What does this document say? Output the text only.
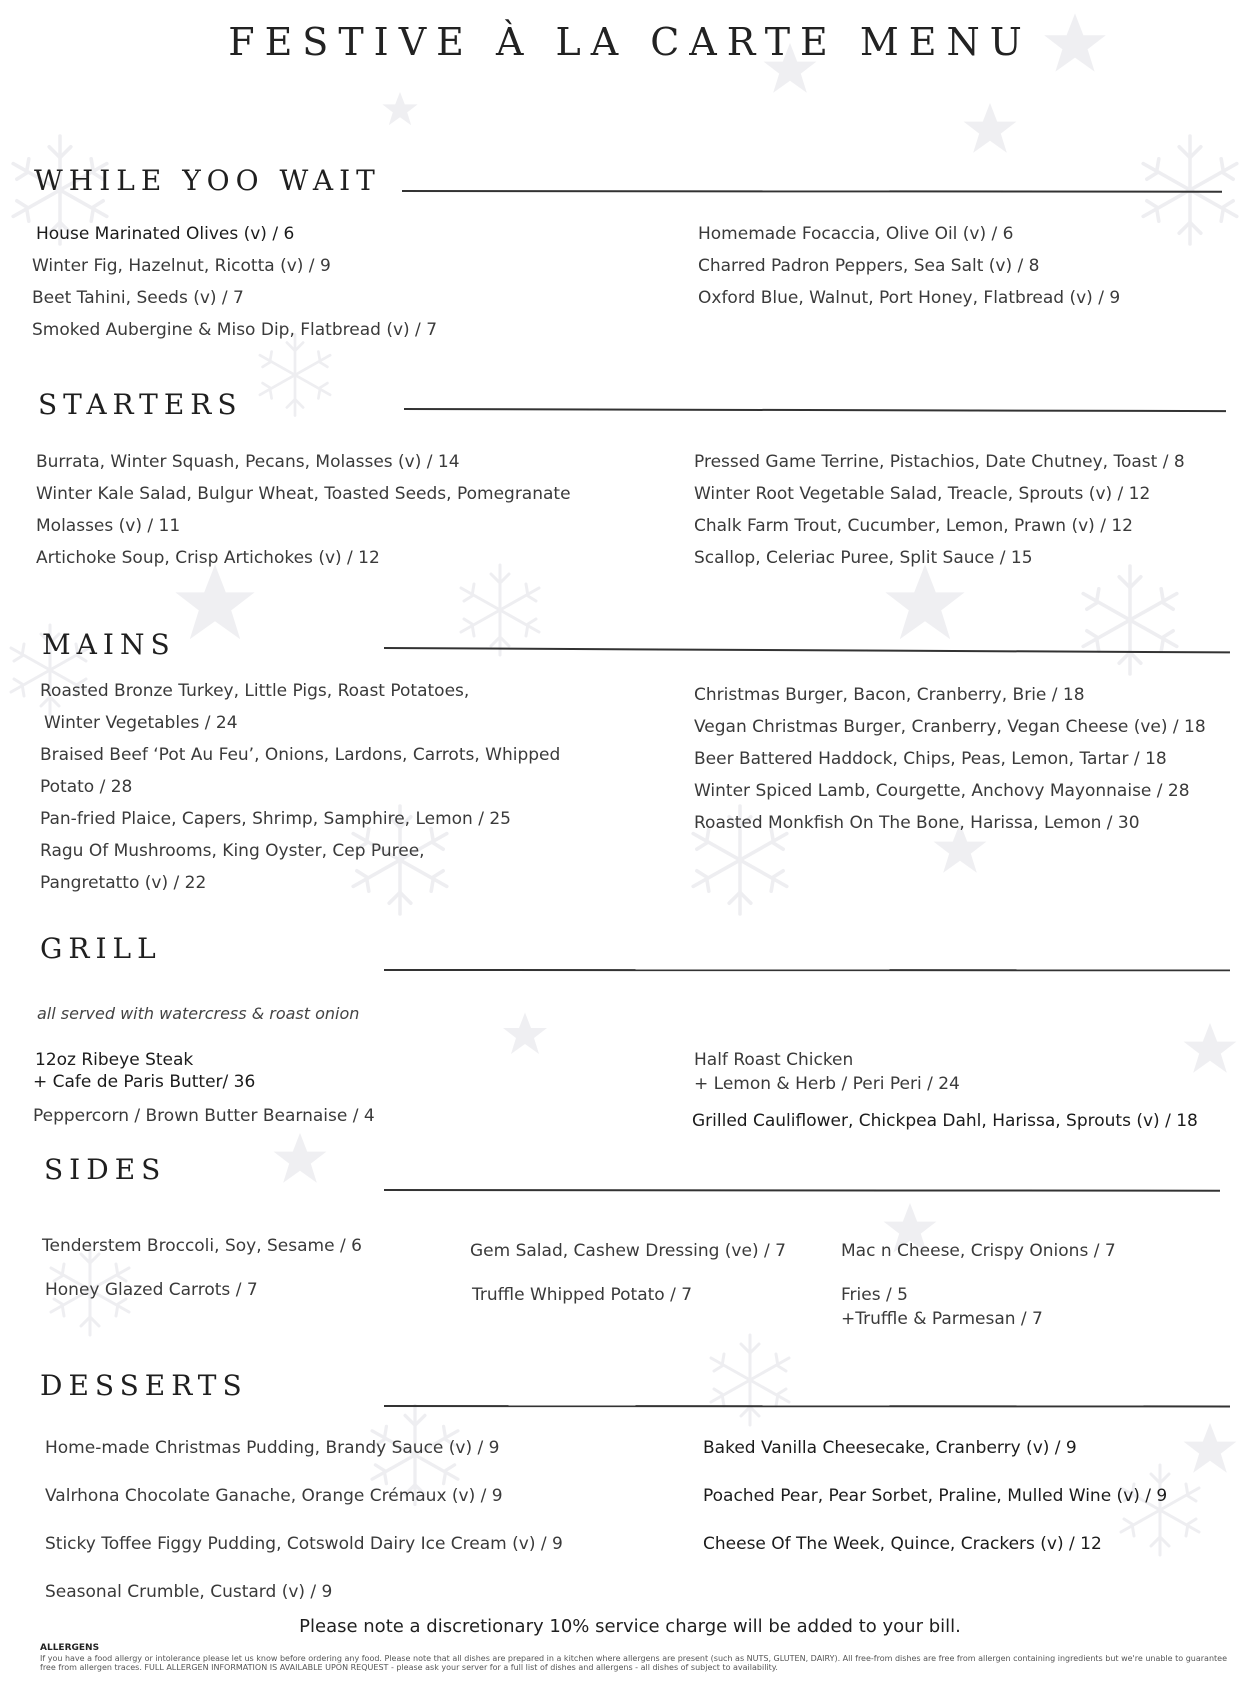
FESTIVE À LA CARTE MENU
WHILE YOO WAIT
House Marinated Olives (v) / 6
Winter Fig, Hazelnut, Ricotta (v) / 9
Beet Tahini, Seeds (v) / 7
Smoked Aubergine & Miso Dip, Flatbread (v) / 7
Homemade Focaccia, Olive Oil (v) / 6
Charred Padron Peppers, Sea Salt (v) / 8
Oxford Blue, Walnut, Port Honey, Flatbread (v) / 9
STARTERS
Burrata, Winter Squash, Pecans, Molasses (v) / 14
Winter Kale Salad, Bulgur Wheat, Toasted Seeds, Pomegranate
Molasses (v) / 11
Artichoke Soup, Crisp Artichokes (v) / 12
Pressed Game Terrine, Pistachios, Date Chutney, Toast / 8
Winter Root Vegetable Salad, Treacle, Sprouts (v) / 12
Chalk Farm Trout, Cucumber, Lemon, Prawn (v) / 12
Scallop, Celeriac Puree, Split Sauce / 15
MAINS
Roasted Bronze Turkey, Little Pigs, Roast Potatoes,
Winter Vegetables / 24
Braised Beef ‘Pot Au Feu’, Onions, Lardons, Carrots, Whipped
Potato / 28
Pan-fried Plaice, Capers, Shrimp, Samphire, Lemon / 25
Ragu Of Mushrooms, King Oyster, Cep Puree,
Pangretatto (v) / 22
Christmas Burger, Bacon, Cranberry, Brie / 18
Vegan Christmas Burger, Cranberry, Vegan Cheese (ve) / 18
Beer Battered Haddock, Chips, Peas, Lemon, Tartar / 18
Winter Spiced Lamb, Courgette, Anchovy Mayonnaise / 28
Roasted Monkfish On The Bone, Harissa, Lemon / 30
GRILL
all served with watercress & roast onion
12oz Ribeye Steak
+ Cafe de Paris Butter/ 36
Peppercorn / Brown Butter Bearnaise / 4
Half Roast Chicken
+ Lemon & Herb / Peri Peri / 24
Grilled Cauliflower, Chickpea Dahl, Harissa, Sprouts (v) / 18
SIDES
Tenderstem Broccoli, Soy, Sesame / 6
Honey Glazed Carrots / 7
Gem Salad, Cashew Dressing (ve) / 7
Truffle Whipped Potato / 7
Mac n Cheese, Crispy Onions / 7
Fries / 5
+Truffle & Parmesan / 7
DESSERTS
Home-made Christmas Pudding, Brandy Sauce (v) / 9
Valrhona Chocolate Ganache, Orange Crémaux (v) / 9
Sticky Toffee Figgy Pudding, Cotswold Dairy Ice Cream (v) / 9
Seasonal Crumble, Custard (v) / 9
Baked Vanilla Cheesecake, Cranberry (v) / 9
Poached Pear, Pear Sorbet, Praline, Mulled Wine (v) / 9
Cheese Of The Week, Quince, Crackers (v) / 12
Please note a discretionary 10% service charge will be added to your bill.
ALLERGENS
If you have a food allergy or intolerance please let us know before ordering any food. Please note that all dishes are prepared in a kitchen where allergens are present (such as NUTS, GLUTEN, DAIRY). All free-from dishes are free from allergen containing ingredients but we're unable to guarantee free from allergen traces. FULL ALLERGEN INFORMATION IS AVAILABLE UPON REQUEST - please ask your server for a full list of dishes and allergens - all dishes of subject to availability.
